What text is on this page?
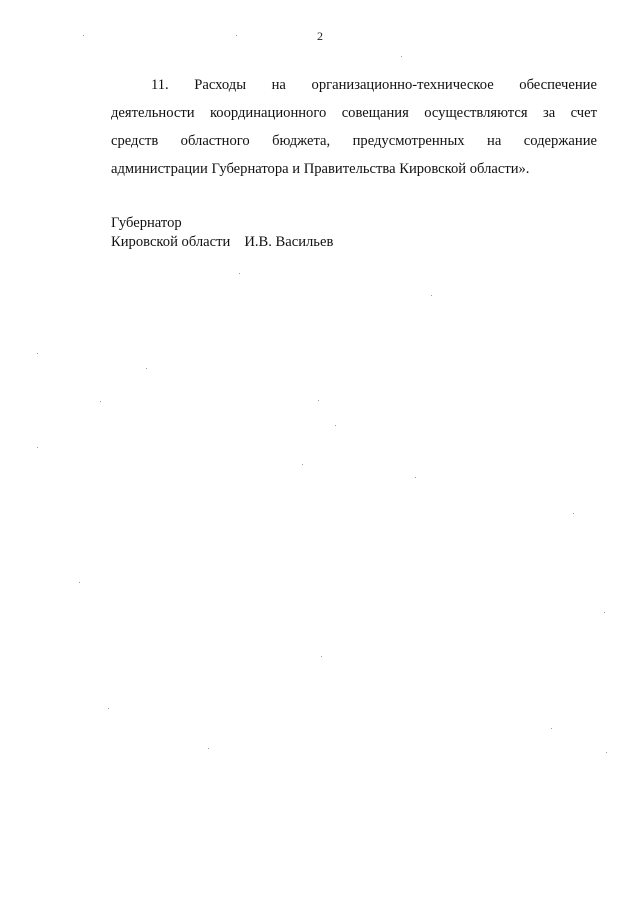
2
11. Расходы на организационно-техническое обеспечение
деятельности координационного совещания осуществляются за счет
средств областного бюджета, предусмотренных на содержание
администрации Губернатора и Правительства Кировской области».
Губернатор
Кировской области И.В. Васильев
